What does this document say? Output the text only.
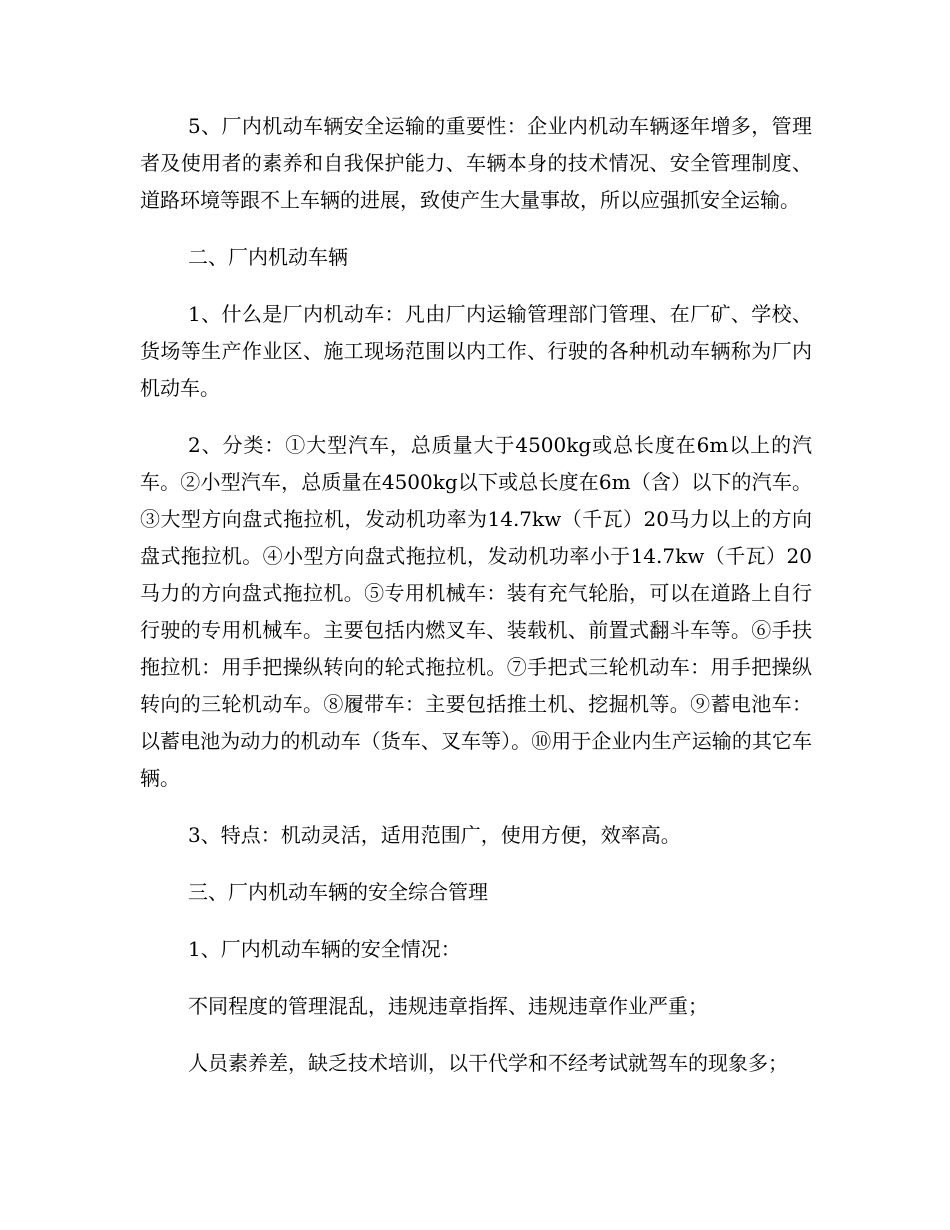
5、厂内机动车辆安全运输的重要性：企业内机动车辆逐年增多，管理者及使用者的素养和自我保护能力、车辆本身的技术情况、安全管理制度、道路环境等跟不上车辆的进展，致使产生大量事故，所以应强抓安全运输。

二、厂内机动车辆

1、什么是厂内机动车：凡由厂内运输管理部门管理、在厂矿、学校、货场等生产作业区、施工现场范围以内工作、行驶的各种机动车辆称为厂内机动车。

2、分类：①大型汽车，总质量大于4500kg或总长度在6m以上的汽车。②小型汽车，总质量在4500kg以下或总长度在6m（含）以下的汽车。③大型方向盘式拖拉机，发动机功率为14.7kw（千瓦）20马力以上的方向盘式拖拉机。④小型方向盘式拖拉机，发动机功率小于14.7kw（千瓦）20马力的方向盘式拖拉机。⑤专用机械车：装有充气轮胎，可以在道路上自行行驶的专用机械车。主要包括内燃叉车、装载机、前置式翻斗车等。⑥手扶拖拉机：用手把操纵转向的轮式拖拉机。⑦手把式三轮机动车：用手把操纵转向的三轮机动车。⑧履带车：主要包括推土机、挖掘机等。⑨蓄电池车：以蓄电池为动力的机动车（货车、叉车等）。⑩用于企业内生产运输的其它车辆。

3、特点：机动灵活，适用范围广，使用方便，效率高。

三、厂内机动车辆的安全综合管理

1、厂内机动车辆的安全情况：

不同程度的管理混乱，违规违章指挥、违规违章作业严重；

人员素养差，缺乏技术培训，以干代学和不经考试就驾车的现象多；
